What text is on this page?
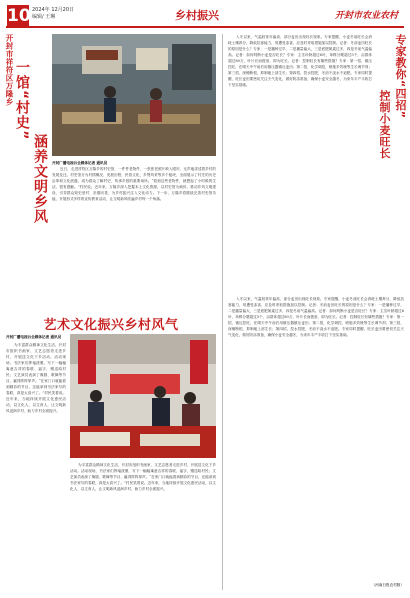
10 2024年 12月20日
编辑/ 王琳	乡村振兴	开封市农业农村
开封市祥符区万隆乡 一馆“村史”
涵养文明乡风	开封广播电视台全媒体记者 通讯员
近日，走进祥符区万隆乡的村史馆，一件件老物件、一张张老照片映入眼帘，无声地讲述着乡村的发展变迁。村史馆分为村情概况、发展历程、民俗文化、乡贤风采等多个板块，全面展示了村庄的历史沿革和文化底蕴，成为群众了解村史、传承乡愁的重要场所。“看到这些老物件，就想起了小时候的生活，很有感触。”村民说。近年来，万隆乡深入挖掘本土文化资源，以村史馆为载体，推动乡风文明建设，引导群众知史爱村、崇德向善，为乡村振兴注入文化动力。下一步，万隆乡将继续完善村史馆功能，开展形式多样的宣传教育活动，让文明新风吹遍乡村每一个角落。
艺术文化振兴乡村风气
开封广播电视台全媒体记者 通讯员
为丰富群众精神文化生活，开封市组织书画家、文艺志愿者走进乡村，开展送文化下乡活动。活动现场，书法家们挥毫泼墨，写下一幅幅寓意吉祥的春联、福字，赠送给村民；文艺演员表演了豫剧、歌舞等节目，赢得阵阵掌声。“在家门口就能看到精彩的节目，还能拿到书法家写的春联，真是太高兴了。”村民笑着说。近年来，当地持续开展文化惠民活动，以文化人、以文育人，让文明新风浸润乡村，助力乡村全面振兴。
为丰富群众精神文化生活，开封市组织书画家、文艺志愿者走进乡村，开展送文化下乡活动。活动现场，书法家们挥毫泼墨，写下一幅幅寓意吉祥的春联、福字，赠送给村民；文艺演员表演了豫剧、歌舞等节目，赢得阵阵掌声。“在家门口就能看到精彩的节目，还能拿到书法家写的春联，真是太高兴了。”村民笑着说。近年来，当地持续开展文化惠民活动，以文化人、以文育人，让文明新风浸润乡村，助力乡村全面振兴。
专家教你“四招”
控制小麦旺长
入冬以来，气温较常年偏高，部分麦田出现旺长现象。专家提醒，小麦冬前旺长会消耗土壤养分，降低抗寒能力，易遭受冻害，应及时采取措施加以控制。记者：冬前麦田旺长的原因是什么？专家：一是播种过早，二是播量偏大，三是底肥氮素过多，四是冬前气温偏高。记者：如何判断小麦是否旺长？专家：主茎叶龄超过6叶，单株分蘖超过5个，亩群体超过80万，叶片长而披垂，即为旺长。记者：控制旺长有哪些措施？专家：第一招，镇压控旺，在晴天中午前后用镇压器镇压麦田；第二招，化学调控，喷施多效唑等生长调节剂；第三招，深锄断根，抑制地上部生长；第四招，控水控肥，冬前不浇水不追肥。专家同时提醒，旺长麦田要密切关注天气变化，做好防冻准备，确保小麦安全越冬，为来年丰产丰收打下坚实基础。
入冬以来，气温较常年偏高，部分麦田出现旺长现象。专家提醒，小麦冬前旺长会消耗土壤养分，降低抗寒能力，易遭受冻害，应及时采取措施加以控制。记者：冬前麦田旺长的原因是什么？专家：一是播种过早，二是播量偏大，三是底肥氮素过多，四是冬前气温偏高。记者：如何判断小麦是否旺长？专家：主茎叶龄超过6叶，单株分蘖超过5个，亩群体超过80万，叶片长而披垂，即为旺长。记者：控制旺长有哪些措施？专家：第一招，镇压控旺，在晴天中午前后用镇压器镇压麦田；第二招，化学调控，喷施多效唑等生长调节剂；第三招，深锄断根，抑制地上部生长；第四招，控水控肥，冬前不浇水不追肥。专家同时提醒，旺长麦田要密切关注天气变化，做好防冻准备，确保小麦安全越冬，为来年丰产丰收打下坚实基础。
（河南日报农村版）
